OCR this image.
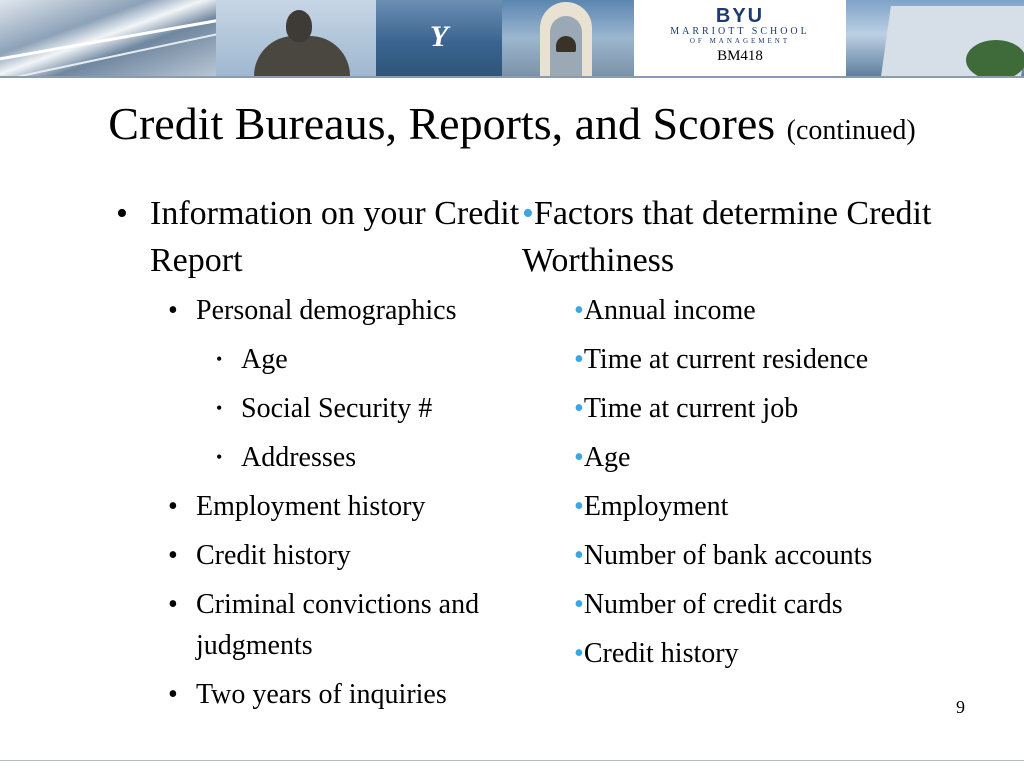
Y
BYU
MARRIOTT SCHOOL
OF MANAGEMENT
BM418
Credit Bureaus, Reports, and Scores (continued)
• Information on your Credit Report
• Personal demographics
• Age
• Social Security #
• Addresses
• Employment history
• Credit history
• Criminal convictions and judgments
• Two years of inquiries
•Factors that determine Credit Worthiness
•Annual income
•Time at current residence
•Time at current job
•Age
•Employment
•Number of bank accounts
•Number of credit cards
•Credit history
9
